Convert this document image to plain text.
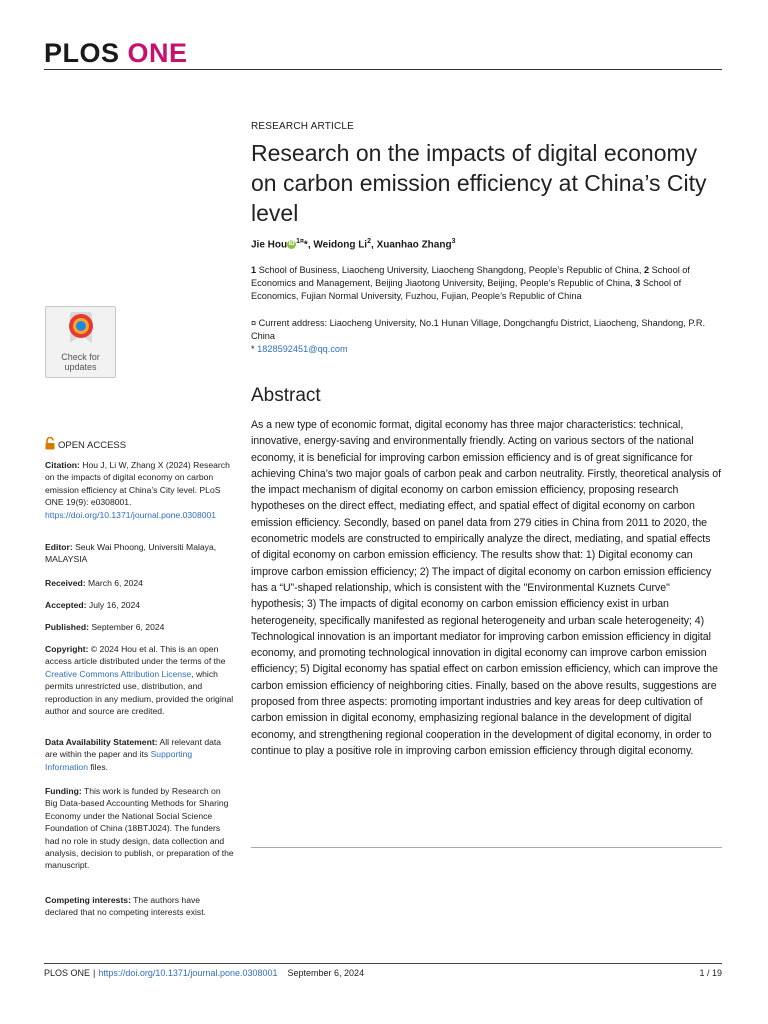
PLOS ONE
RESEARCH ARTICLE
Research on the impacts of digital economy on carbon emission efficiency at China’s City level
Jie Hou iD $^{1¤}$*, Weidong Li$^2$, Xuanhao Zhang$^3$
1 School of Business, Liaocheng University, Liaocheng Shangdong, People’s Republic of China, 2 School of Economics and Management, Beijing Jiaotong University, Beijing, People’s Republic of China, 3 School of Economics, Fujian Normal University, Fuzhou, Fujian, People’s Republic of China
¤ Current address: Liaocheng University, No.1 Hunan Village, Dongchangfu District, Liaocheng, Shandong, P.R. China
* 1828592451@qq.com
Abstract
As a new type of economic format, digital economy has three major characteristics: technical, innovative, energy-saving and environmentally friendly. Acting on various sectors of the national economy, it is beneficial for improving carbon emission efficiency and is of great significance for achieving China’s two major goals of carbon peak and carbon neutrality. Firstly, theoretical analysis of the impact mechanism of digital economy on carbon emission efficiency, proposing research hypotheses on the direct effect, mediating effect, and spatial effect of digital economy on carbon emission efficiency. Secondly, based on panel data from 279 cities in China from 2011 to 2020, the econometric models are constructed to empirically analyze the direct, mediating, and spatial effects of digital economy on carbon emission efficiency. The results show that: 1) Digital economy can improve carbon emission efficiency; 2) The impact of digital economy on carbon emission efficiency has a “U”-shaped relationship, which is consistent with the "Environmental Kuznets Curve" hypothesis; 3) The impacts of digital economy on carbon emission efficiency exist in urban heterogeneity, specifically manifested as regional heterogeneity and urban scale heterogeneity; 4) Technological innovation is an important mediator for improving carbon emission efficiency in digital economy, and promoting technological innovation in digital economy can improve carbon emission efficiency; 5) Digital economy has spatial effect on carbon emission efficiency, which can improve the carbon emission efficiency of neighboring cities. Finally, based on the above results, suggestions are proposed from three aspects: promoting important industries and key areas for deep cultivation of carbon emission in digital economy, emphasizing regional balance in the development of digital economy, and strengthening regional cooperation in the development of digital economy, in order to continue to play a positive role in improving carbon emission efficiency through digital economy.
Check for
updates
OPEN ACCESS
Citation: Hou J, Li W, Zhang X (2024) Research on the impacts of digital economy on carbon emission efficiency at China’s City level. PLoS ONE 19(9): e0308001. https://doi.org/10.1371/journal.pone.0308001
Editor: Seuk Wai Phoong, Universiti Malaya, MALAYSIA
Received: March 6, 2024
Accepted: July 16, 2024
Published: September 6, 2024
Copyright: © 2024 Hou et al. This is an open access article distributed under the terms of the Creative Commons Attribution License, which permits unrestricted use, distribution, and reproduction in any medium, provided the original author and source are credited.
Data Availability Statement: All relevant data are within the paper and its Supporting Information files.
Funding: This work is funded by Research on Big Data-based Accounting Methods for Sharing Economy under the National Social Science Foundation of China (18BTJ024). The funders had no role in study design, data collection and analysis, decision to publish, or preparation of the manuscript.
Competing interests: The authors have declared that no competing interests exist.
PLOS ONE | https://doi.org/10.1371/journal.pone.0308001 September 6, 2024	1 / 19
